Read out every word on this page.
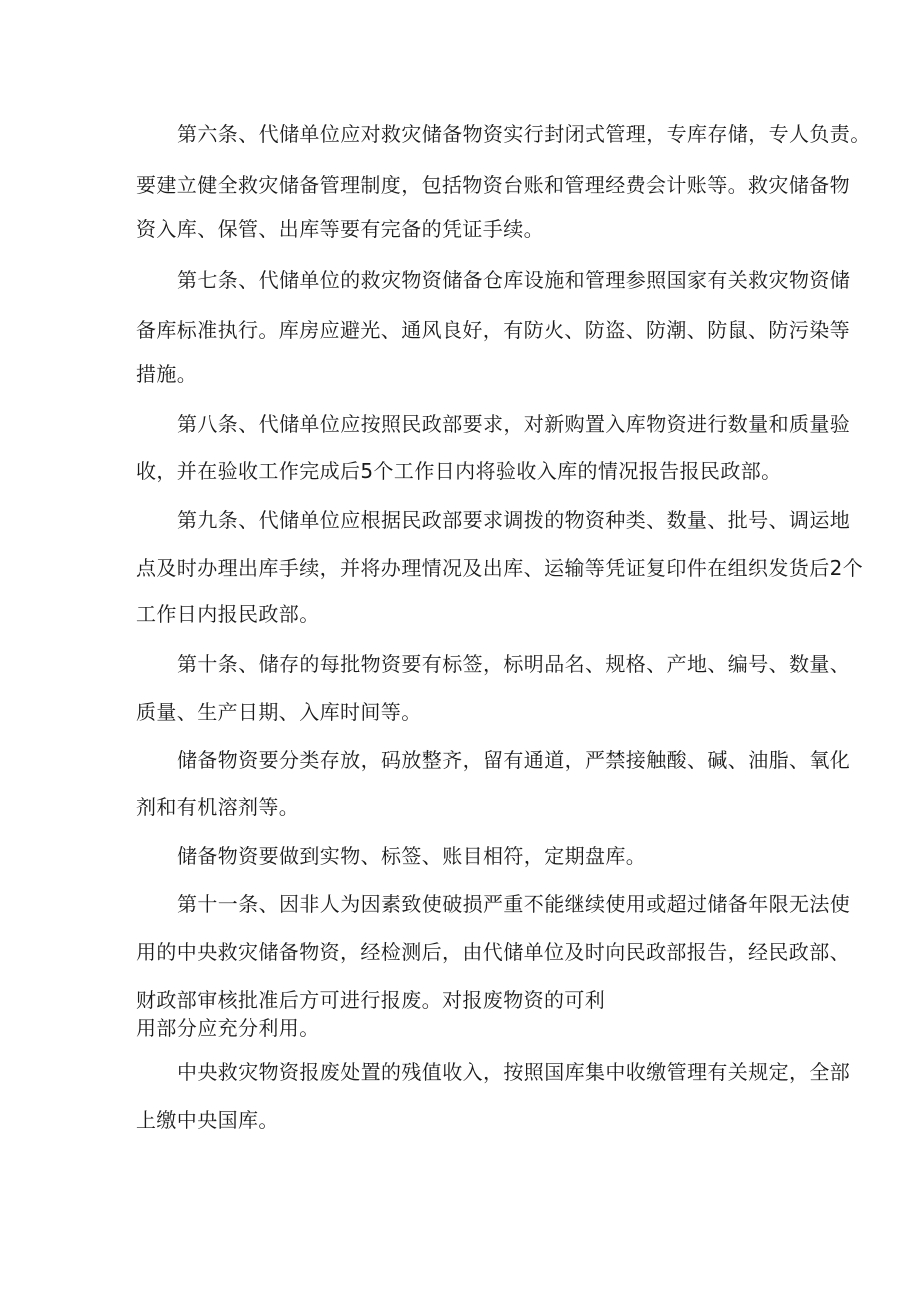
第六条、代储单位应对救灾储备物资实行封闭式管理，专库存储，专人负责。
要建立健全救灾储备管理制度，包括物资台账和管理经费会计账等。救灾储备物
资入库、保管、出库等要有完备的凭证手续。
第七条、代储单位的救灾物资储备仓库设施和管理参照国家有关救灾物资储
备库标准执行。库房应避光、通风良好，有防火、防盗、防潮、防鼠、防污染等
措施。
第八条、代储单位应按照民政部要求，对新购置入库物资进行数量和质量验
收，并在验收工作完成后5个工作日内将验收入库的情况报告报民政部。
第九条、代储单位应根据民政部要求调拨的物资种类、数量、批号、调运地
点及时办理出库手续，并将办理情况及出库、运输等凭证复印件在组织发货后2个
工作日内报民政部。
第十条、储存的每批物资要有标签，标明品名、规格、产地、编号、数量、
质量、生产日期、入库时间等。
储备物资要分类存放，码放整齐，留有通道，严禁接触酸、碱、油脂、氧化
剂和有机溶剂等。
储备物资要做到实物、标签、账目相符，定期盘库。
第十一条、因非人为因素致使破损严重不能继续使用或超过储备年限无法使
用的中央救灾储备物资，经检测后，由代储单位及时向民政部报告，经民政部、
财政部审核批准后方可进行报废。对报废物资的可利
用部分应充分利用。
中央救灾物资报废处置的残值收入，按照国库集中收缴管理有关规定，全部
上缴中央国库。
